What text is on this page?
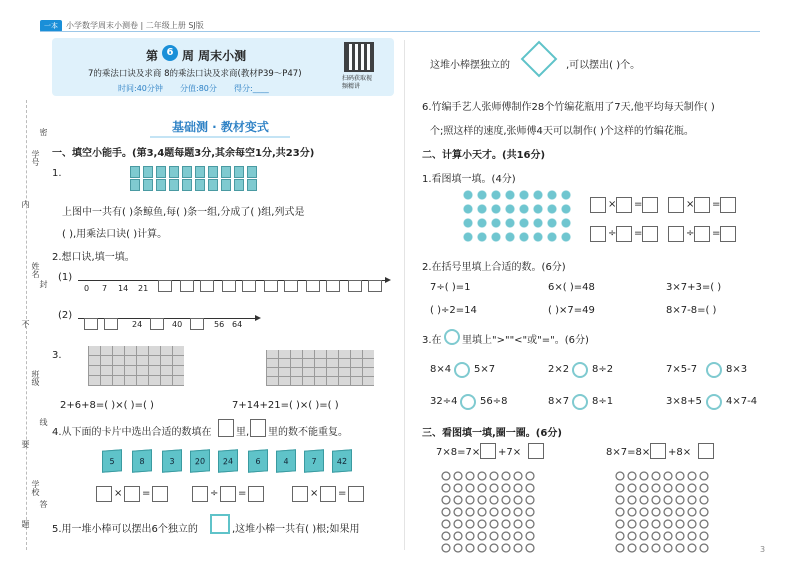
一本	小学数学周末小测卷 | 二年级上册 SJ版
第 6 周 周末小测
7的乘法口诀及求商 8的乘法口诀及求商(教材P39～P47)
时间:40分钟 分值:80分 得分:____
扫码获取视频精讲
学号
姓名
班级
学校
密
封
线
内
不
要
答
题
基础测 · 教材变式
一、填空小能手。(第3,4题每题3分,其余每空1分,共23分)
1.
上图中一共有( )条鲸鱼,每( )条一组,分成了( )组,列式是
( ),用乘法口诀( )计算。
2.想口诀,填一填。
(1)
0 7 14 21
(2)
24	40	56 64
3.
2+6+8=( )×( )=( )	7+14+21=( )×( )=( )
4.从下面的卡片中选出合适的数填在 里, 里的数不能重复。
5	8	3	20	24	6	4	7	42
× =	÷ =	× =
5.用一堆小棒可以摆出6个独立的	,这堆小棒一共有( )根;如果用
这堆小棒摆独立的	,可以摆出( )个。
6.竹编手艺人张师傅制作28个竹编花瓶用了7天,他平均每天制作( )
个;照这样的速度,张师傅4天可以制作( )个这样的竹编花瓶。
二、计算小天才。(共16分)
1.看图填一填。(4分)
× =	× =
÷ =	÷ =
2.在括号里填上合适的数。(6分)
7÷( )=1	6×( )=48	3×7+3=( )
( )÷2=14	( )×7=49	8×7-8=( )
3.在 里填上">""<"或"="。(6分)
8×4 5×7	2×2 8÷2	7×5-7	8×3
32÷4 56÷8	8×7 8÷1	3×8+5 4×7-4
三、看图填一填,圈一圈。(6分)
7×8=7× +7×	8×7=8× +8×
3
